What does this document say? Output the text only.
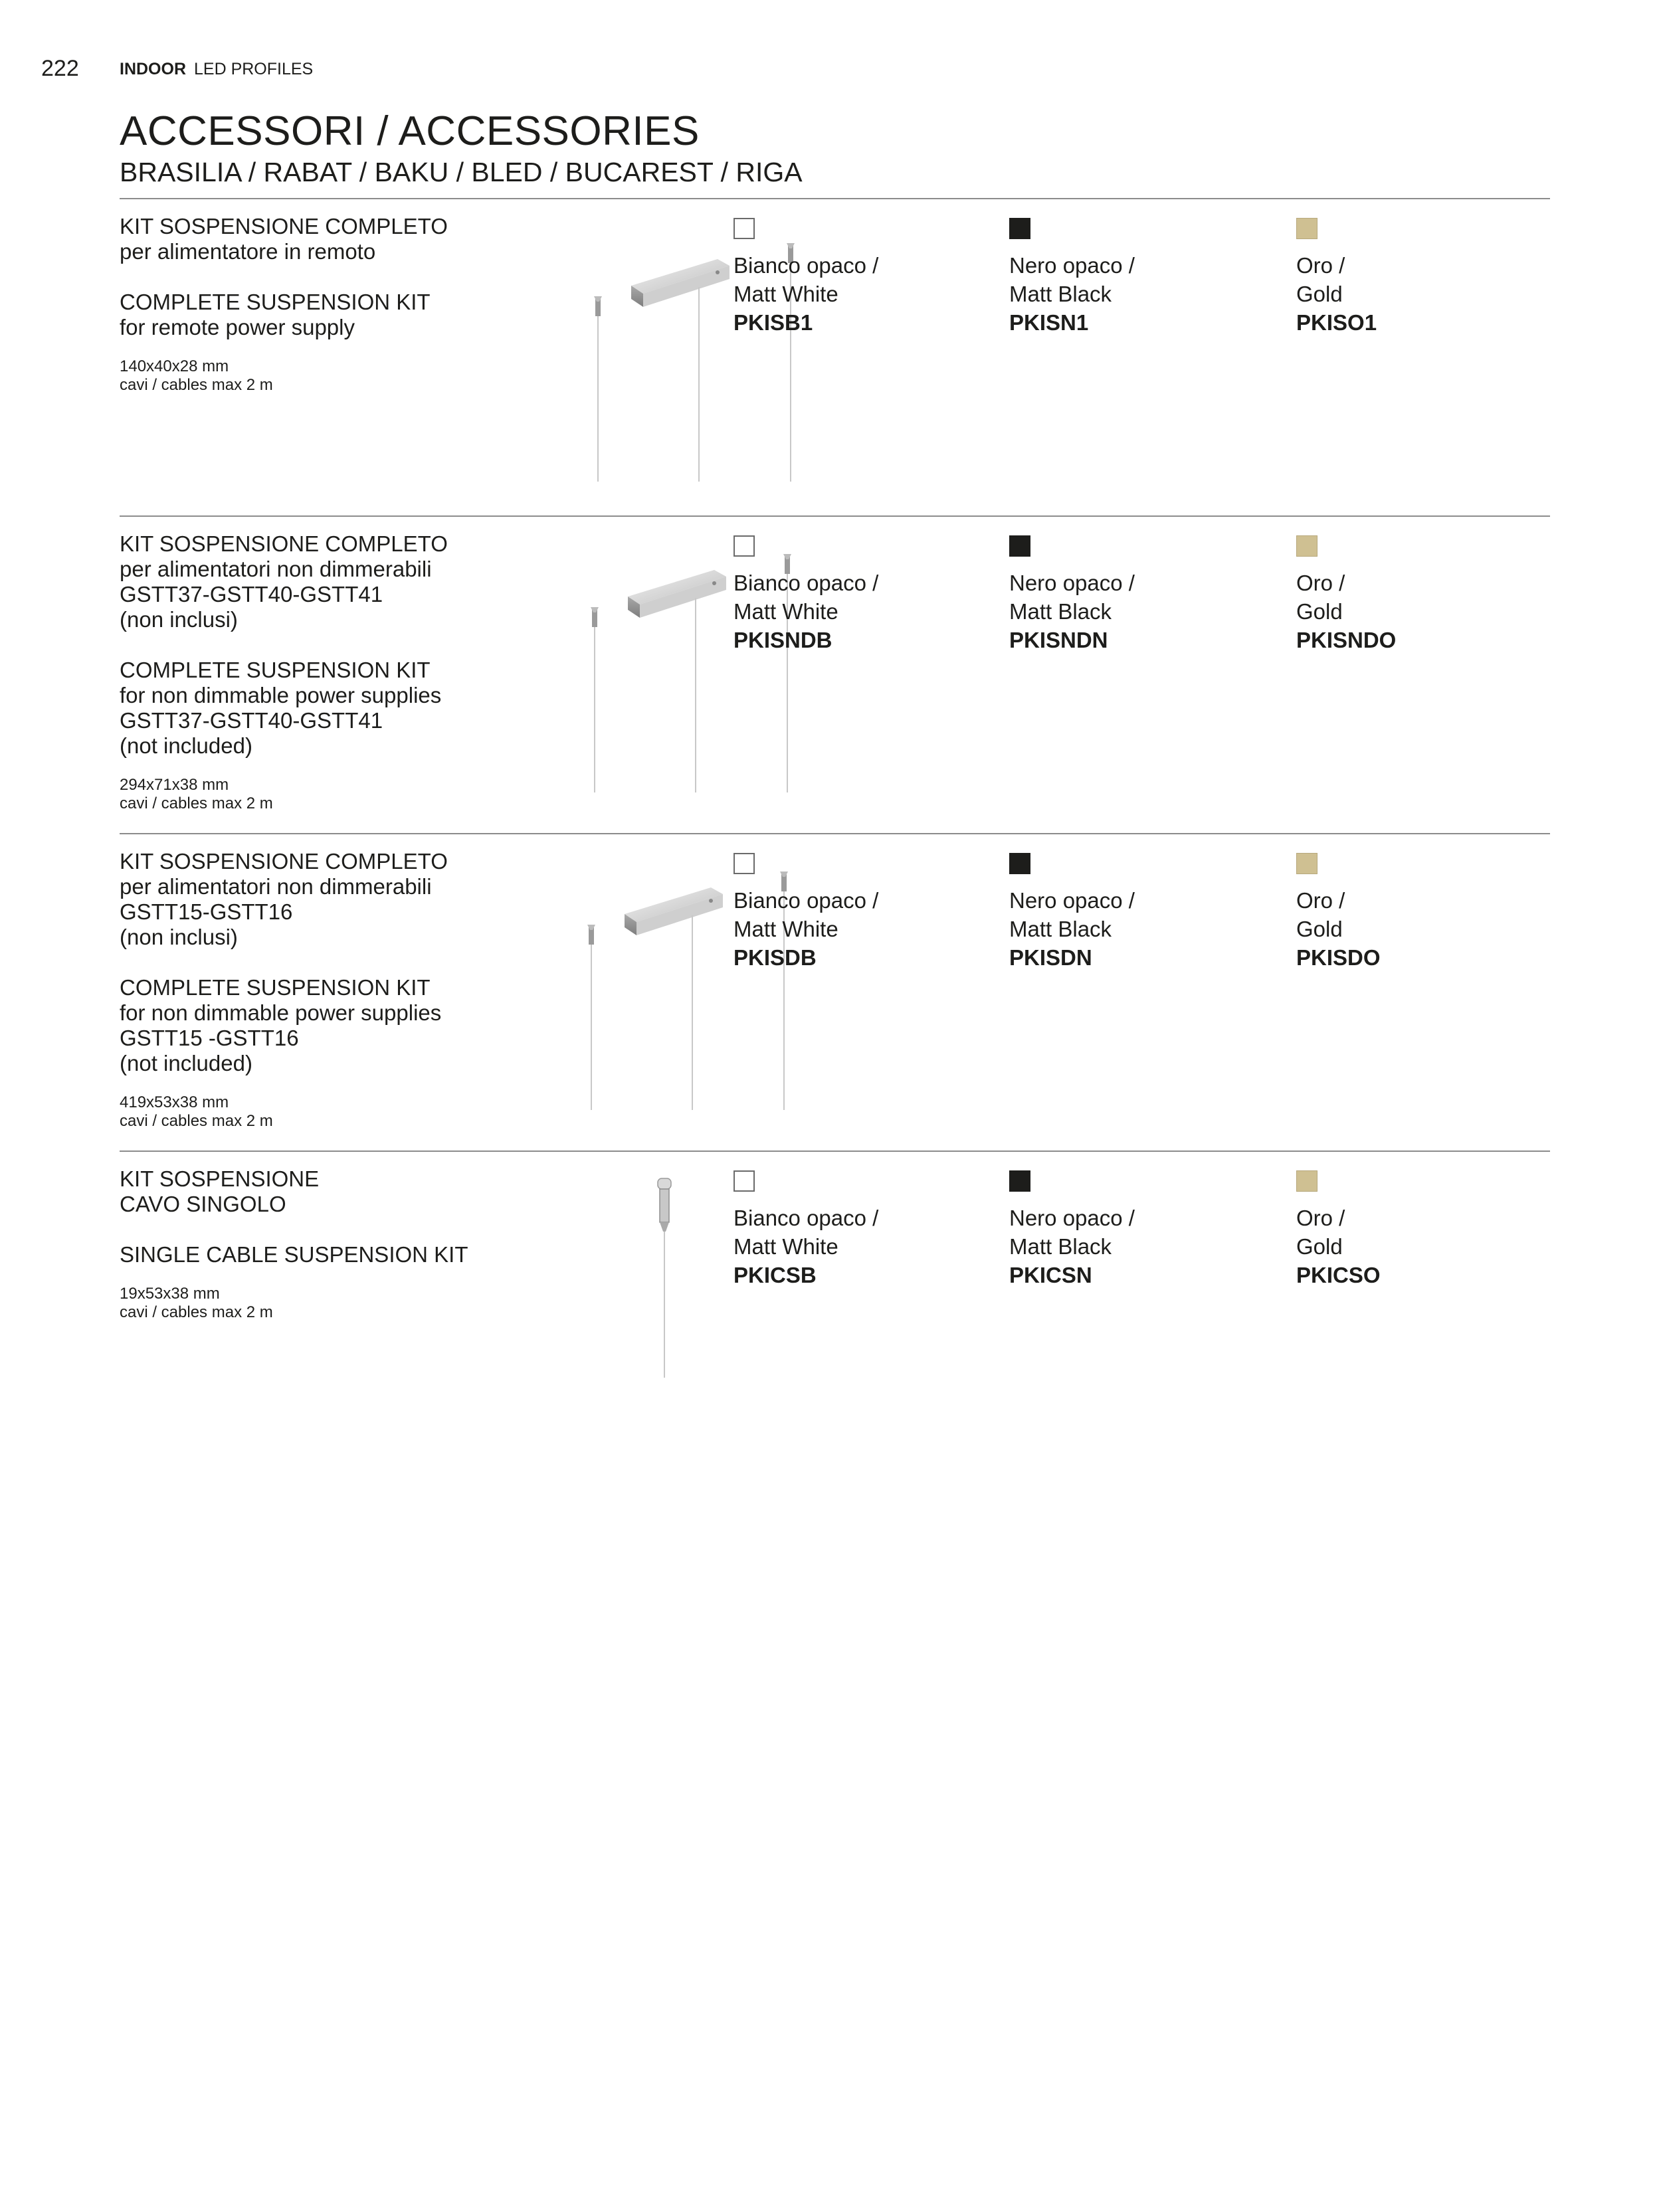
222 INDOOR LED PROFILES
ACCESSORI / ACCESSORIES
BRASILIA / RABAT / BAKU / BLED / BUCAREST / RIGA

KIT SOSPENSIONE COMPLETO

per alimentatore in remoto

COMPLETE SUSPENSION KIT

for remote power supply

140x40x28 mm

cavi / cables max 2 m

Bianco opaco /
Matt White
PKISB1
Nero opaco /
Matt Black
PKISN1
Oro /
Gold
PKISO1

KIT SOSPENSIONE COMPLETO

per alimentatori non dimmerabili

GSTT37-GSTT40-GSTT41

(non inclusi)

COMPLETE SUSPENSION KIT

for non dimmable power supplies

GSTT37-GSTT40-GSTT41

(not included)

294x71x38 mm

cavi / cables max 2 m

Bianco opaco /
Matt White
PKISNDB
Nero opaco /
Matt Black
PKISNDN
Oro /
Gold
PKISNDO

KIT SOSPENSIONE COMPLETO

per alimentatori non dimmerabili

GSTT15-GSTT16

(non inclusi)

COMPLETE SUSPENSION KIT

for non dimmable power supplies

GSTT15 -GSTT16

(not included)

419x53x38 mm

cavi / cables max 2 m

Bianco opaco /
Matt White
PKISDB
Nero opaco /
Matt Black
PKISDN
Oro /
Gold
PKISDO

KIT SOSPENSIONE

CAVO SINGOLO

SINGLE CABLE SUSPENSION KIT

19x53x38 mm

cavi / cables max 2 m

Bianco opaco /
Matt White
PKICSB
Nero opaco /
Matt Black
PKICSN
Oro /
Gold
PKICSO
